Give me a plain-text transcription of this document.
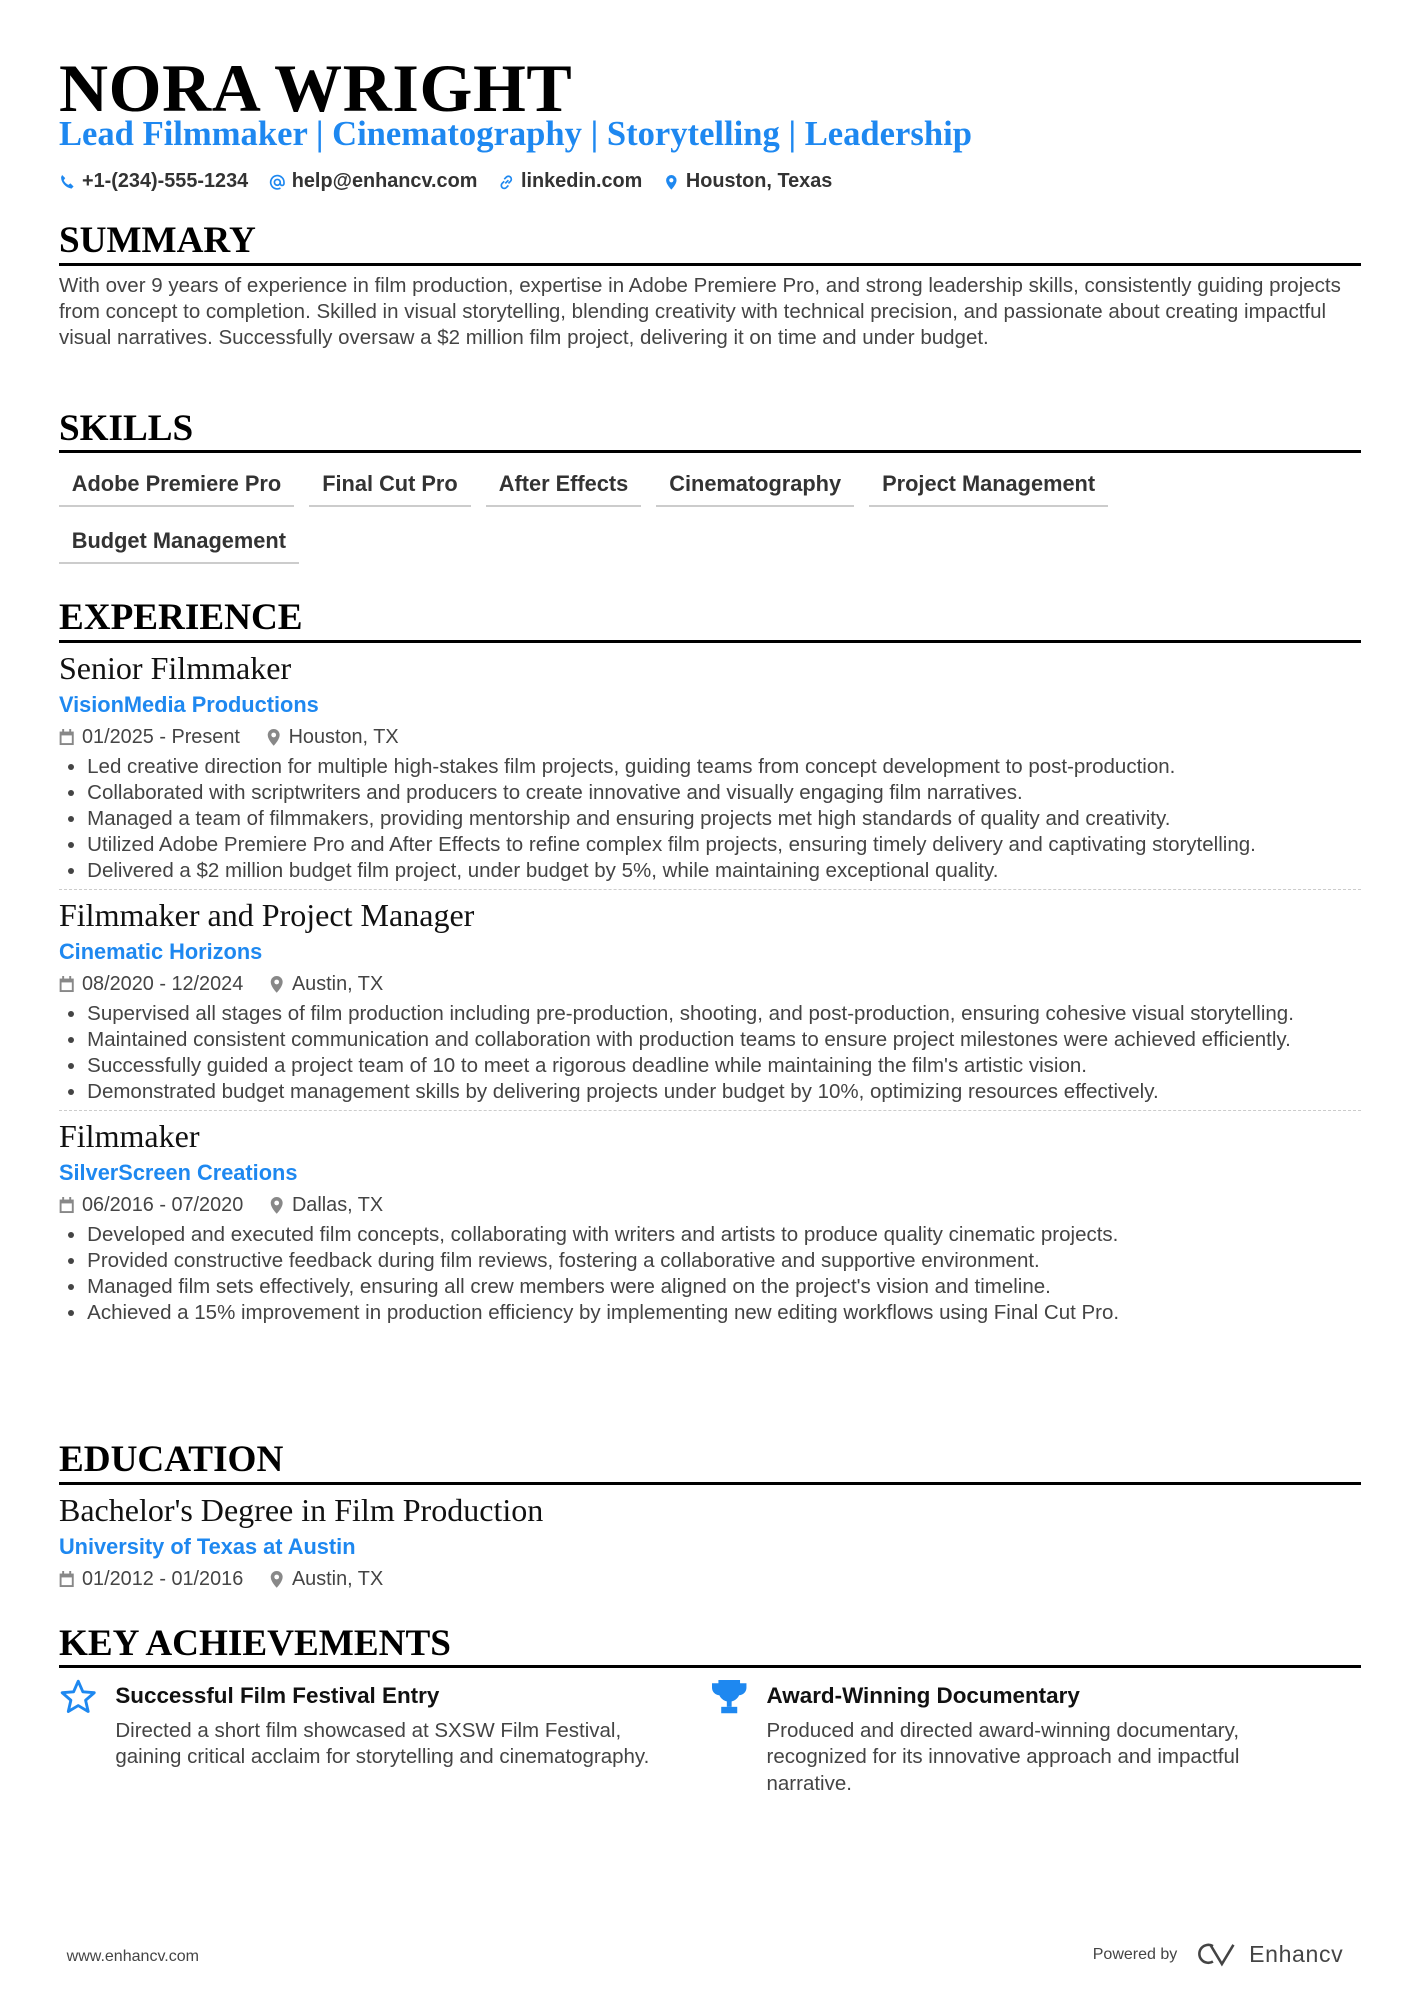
NORA WRIGHT
Lead Filmmaker | Cinematography | Storytelling | Leadership
+1-(234)-555-1234	help@enhancv.com	linkedin.com	Houston, Texas
SUMMARY

With over 9 years of experience in film production, expertise in Adobe Premiere Pro, and strong leadership skills, consistently guiding projects from concept to completion. Skilled in visual storytelling, blending creativity with technical precision, and passionate about creating impactful visual narratives. Successfully oversaw a $2 million film project, delivering it on time and under budget.

SKILLS
Adobe Premiere Pro	Final Cut Pro	After Effects	Cinematography	Project Management
Budget Management
EXPERIENCE
Senior Filmmaker
VisionMedia Productions
01/2025 - Present	Houston, TX
• Led creative direction for multiple high-stakes film projects, guiding teams from concept development to post-production.
• Collaborated with scriptwriters and producers to create innovative and visually engaging film narratives.
• Managed a team of filmmakers, providing mentorship and ensuring projects met high standards of quality and creativity.
• Utilized Adobe Premiere Pro and After Effects to refine complex film projects, ensuring timely delivery and captivating storytelling.
• Delivered a $2 million budget film project, under budget by 5%, while maintaining exceptional quality.
Filmmaker and Project Manager
Cinematic Horizons
08/2020 - 12/2024	Austin, TX
• Supervised all stages of film production including pre-production, shooting, and post-production, ensuring cohesive visual storytelling.
• Maintained consistent communication and collaboration with production teams to ensure project milestones were achieved efficiently.
• Successfully guided a project team of 10 to meet a rigorous deadline while maintaining the film's artistic vision.
• Demonstrated budget management skills by delivering projects under budget by 10%, optimizing resources effectively.
Filmmaker
SilverScreen Creations
06/2016 - 07/2020	Dallas, TX
• Developed and executed film concepts, collaborating with writers and artists to produce quality cinematic projects.
• Provided constructive feedback during film reviews, fostering a collaborative and supportive environment.
• Managed film sets effectively, ensuring all crew members were aligned on the project's vision and timeline.
• Achieved a 15% improvement in production efficiency by implementing new editing workflows using Final Cut Pro.
EDUCATION
Bachelor's Degree in Film Production
University of Texas at Austin
01/2012 - 01/2016	Austin, TX
KEY ACHIEVEMENTS
Successful Film Festival Entry
Directed a short film showcased at SXSW Film Festival, gaining critical acclaim for storytelling and cinematography.
Award-Winning Documentary
Produced and directed award-winning documentary, recognized for its innovative approach and impactful narrative.
www.enhancv.com	Powered by	Enhancv
